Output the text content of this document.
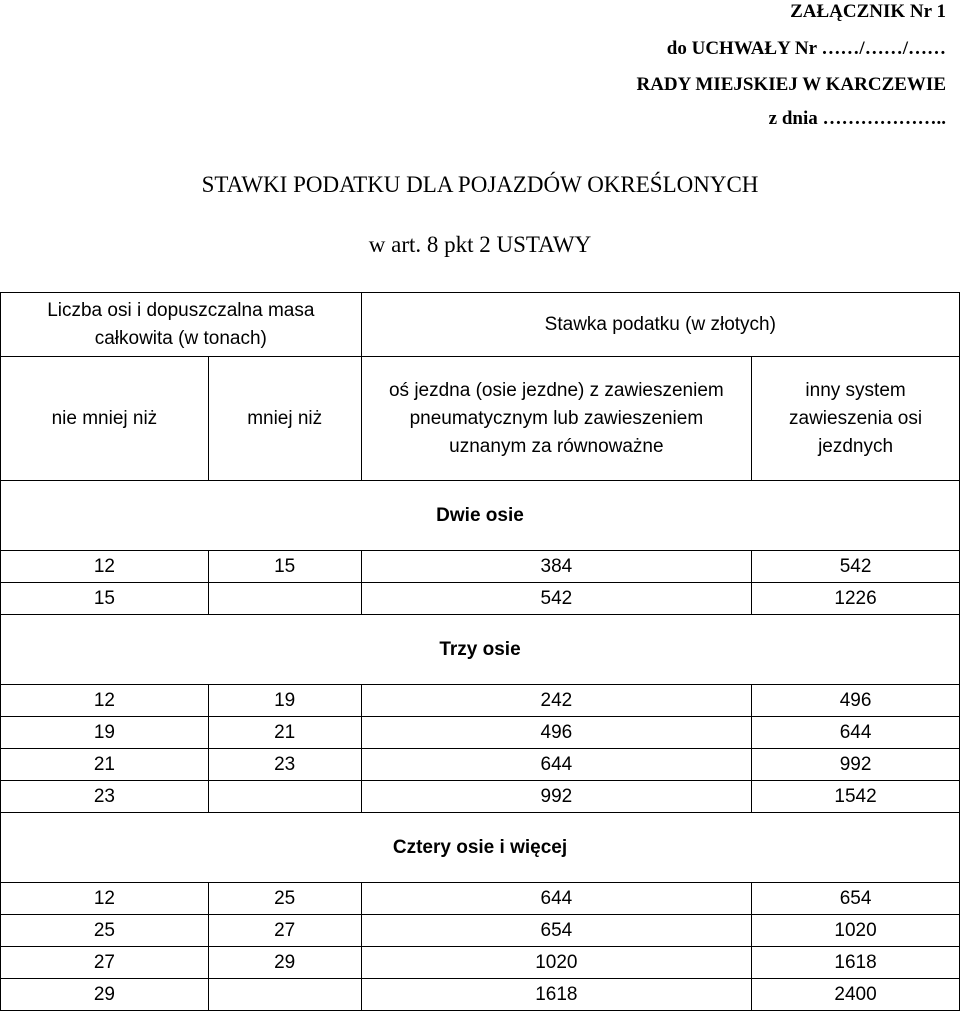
ZAŁĄCZNIK Nr 1
do UCHWAŁY Nr ……/……/……
RADY MIEJSKIEJ W KARCZEWIE
z dnia ………………..
STAWKI PODATKU DLA POJAZDÓW OKREŚLONYCH
w art. 8 pkt 2 USTAWY
Liczba osi i dopuszczalna masa całkowita (w tonach)		Stawka podatku (w złotych)	
nie mniej niż	mniej niż	oś jezdna (osie jezdne) z zawieszeniem pneumatycznym lub zawieszeniem uznanym za równoważne	inny system zawieszenia osi jezdnych
Dwie osie			
12	15	384	542
15		542	1226
Trzy osie			
12	19	242	496
19	21	496	644
21	23	644	992
23		992	1542
Cztery osie i więcej			
12	25	644	654
25	27	654	1020
27	29	1020	1618
29		1618	2400
